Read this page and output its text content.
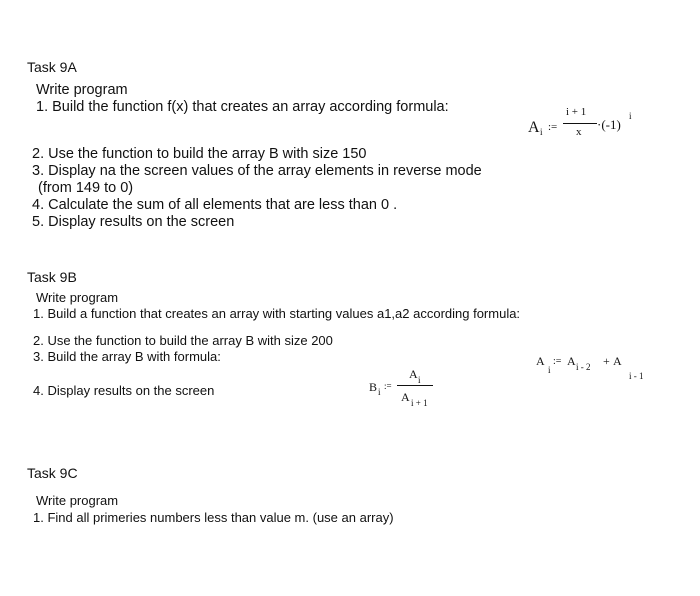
Task 9A
Write program
1. Build the function f(x) that creates an array according formula:
2. Use the function to build the array B with size 150
3. Display na the screen values of the array elements in reverse mode
(from 149 to 0)
4. Calculate the sum of all elements that are less than 0 .
5. Display results on the screen
A i :=
i + 1
x ·(-1)
i
Task 9B
Write program
1. Build a function that creates an array with starting values a1,a2 according formula:
2. Use the function to build the array B with size 200
3. Build the array B with formula:
4. Display results on the screen
A
i
:= A i - 2 + A
i - 1
B i
:=
A i
A i + 1
Task 9C
Write program
1. Find all primeries numbers less than value m. (use an array)
